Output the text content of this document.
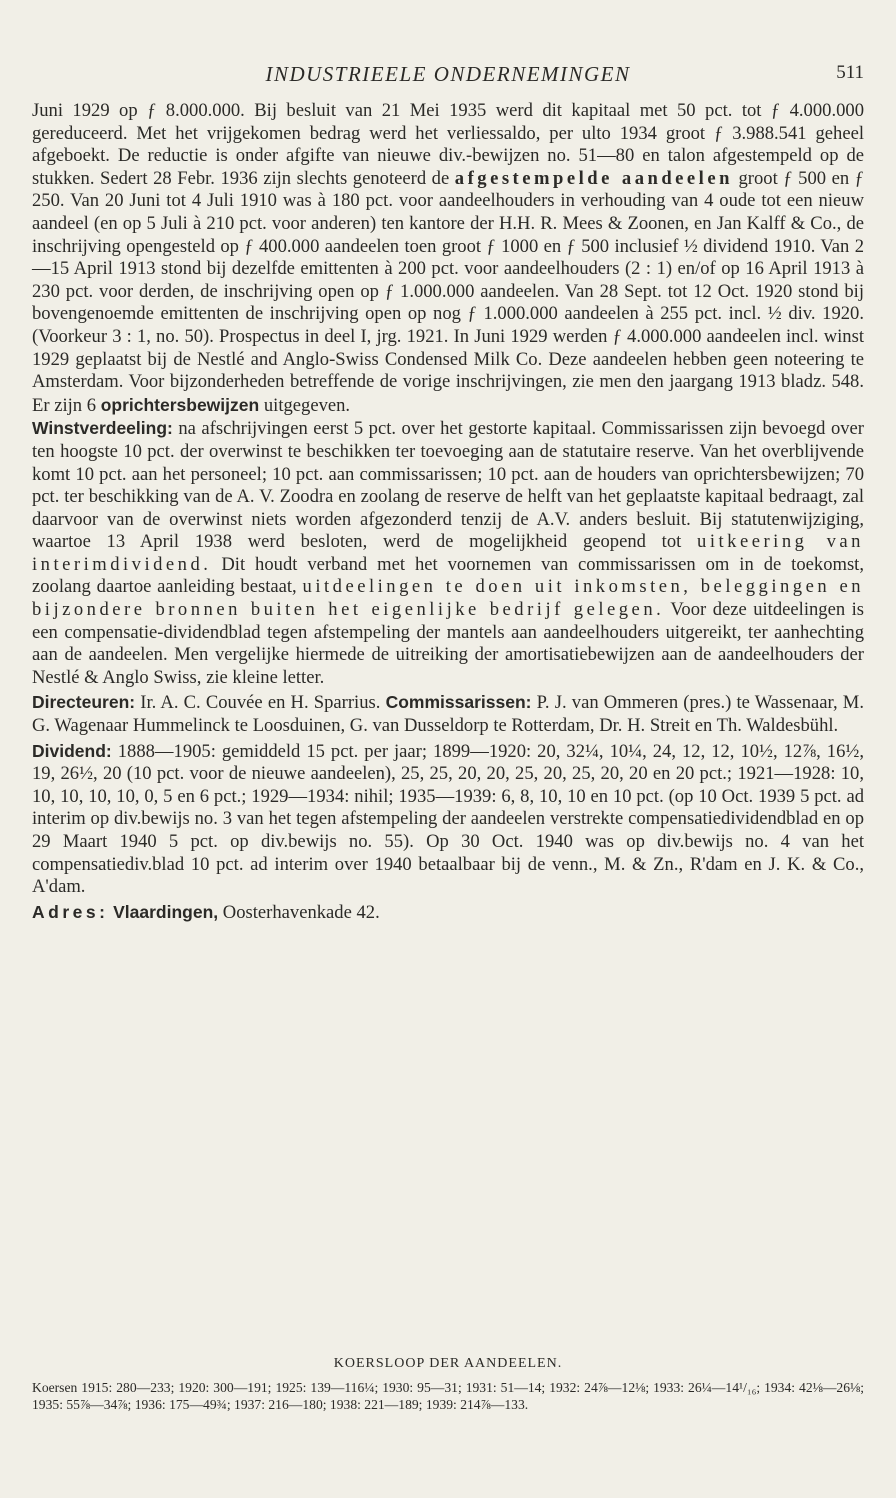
INDUSTRIEELE ONDERNEMINGEN	511

Juni 1929 op ƒ 8.000.000. Bij besluit van 21 Mei 1935 werd dit kapitaal met 50 pct. tot ƒ 4.000.000 gereduceerd. Met het vrijgekomen bedrag werd het verliessaldo, per ulto 1934 groot ƒ 3.988.541 geheel afgeboekt. De reductie is onder afgifte van nieuwe div.-bewijzen no. 51—80 en talon afgestempeld op de stukken. Sedert 28 Febr. 1936 zijn slechts genoteerd de afgestempelde aandeelen groot ƒ 500 en ƒ 250. Van 20 Juni tot 4 Juli 1910 was à 180 pct. voor aandeelhouders in verhouding van 4 oude tot een nieuw aandeel (en op 5 Juli à 210 pct. voor anderen) ten kantore der H.H. R. Mees & Zoonen, en Jan Kalff & Co., de inschrijving opengesteld op ƒ 400.000 aandeelen toen groot ƒ 1000 en ƒ 500 inclusief ½ dividend 1910. Van 2—15 April 1913 stond bij dezelfde emittenten à 200 pct. voor aandeelhouders (2 : 1) en/of op 16 April 1913 à 230 pct. voor derden, de inschrijving open op ƒ 1.000.000 aandeelen. Van 28 Sept. tot 12 Oct. 1920 stond bij bovengenoemde emittenten de inschrijving open op nog ƒ 1.000.000 aandeelen à 255 pct. incl. ½ div. 1920. (Voorkeur 3 : 1, no. 50). Prospectus in deel I, jrg. 1921. In Juni 1929 werden ƒ 4.000.000 aandeelen incl. winst 1929 geplaatst bij de Nestlé and Anglo-Swiss Condensed Milk Co. Deze aandeelen hebben geen noteering te Amsterdam. Voor bijzonderheden betreffende de vorige inschrijvingen, zie men den jaargang 1913 bladz. 548. Er zijn 6 oprichtersbewijzen uitgegeven.

Winstverdeeling: na afschrijvingen eerst 5 pct. over het gestorte kapitaal. Commissarissen zijn bevoegd over ten hoogste 10 pct. der overwinst te beschikken ter toevoeging aan de statutaire reserve. Van het overblijvende komt 10 pct. aan het personeel; 10 pct. aan commissarissen; 10 pct. aan de houders van oprichtersbewijzen; 70 pct. ter beschikking van de A. V. Zoodra en zoolang de reserve de helft van het geplaatste kapitaal bedraagt, zal daarvoor van de overwinst niets worden afgezonderd tenzij de A.V. anders besluit. Bij statutenwijziging, waartoe 13 April 1938 werd besloten, werd de mogelijkheid geopend tot uitkeering van interimdividend. Dit houdt verband met het voornemen van commissarissen om in de toekomst, zoolang daartoe aanleiding bestaat, uitdeelingen te doen uit inkomsten, beleggingen en bijzondere bronnen buiten het eigenlijke bedrijf gelegen. Voor deze uitdeelingen is een compensatie-dividendblad tegen afstempeling der mantels aan aandeelhouders uitgereikt, ter aanhechting aan de aandeelen. Men vergelijke hiermede de uitreiking der amortisatiebewijzen aan de aandeelhouders der Nestlé & Anglo Swiss, zie kleine letter.

Directeuren: Ir. A. C. Couvée en H. Sparrius. Commissarissen: P. J. van Ommeren (pres.) te Wassenaar, M. G. Wagenaar Hummelinck te Loosduinen, G. van Dusseldorp te Rotterdam, Dr. H. Streit en Th. Waldesbühl.

Dividend: 1888—1905: gemiddeld 15 pct. per jaar; 1899—1920: 20, 32¼, 10¼, 24, 12, 12, 10½, 12⅞, 16½, 19, 26½, 20 (10 pct. voor de nieuwe aandeelen), 25, 25, 20, 20, 25, 20, 25, 20, 20 en 20 pct.; 1921—1928: 10, 10, 10, 10, 10, 0, 5 en 6 pct.; 1929—1934: nihil; 1935—1939: 6, 8, 10, 10 en 10 pct. (op 10 Oct. 1939 5 pct. ad interim op div.bewijs no. 3 van het tegen afstempeling der aandeelen verstrekte compensatiedividendblad en op 29 Maart 1940 5 pct. op div.bewijs no. 55). Op 30 Oct. 1940 was op div.bewijs no. 4 van het compensatiediv.blad 10 pct. ad interim over 1940 betaalbaar bij de venn., M. & Zn., R'dam en J. K. & Co., A'dam.

Adres: Vlaardingen, Oosterhavenkade 42.

KOERSLOOP DER AANDEELEN.
Koersen 1915: 280—233; 1920: 300—191; 1925: 139—116¼; 1930: 95—31; 1931: 51—14; 1932: 24⅞—12⅛; 1933: 26¼—14¹/₁₆; 1934: 42⅛—26⅛; 1935: 55⅞—34⅞; 1936: 175—49¾; 1937: 216—180; 1938: 221—189; 1939: 214⅞—133.
